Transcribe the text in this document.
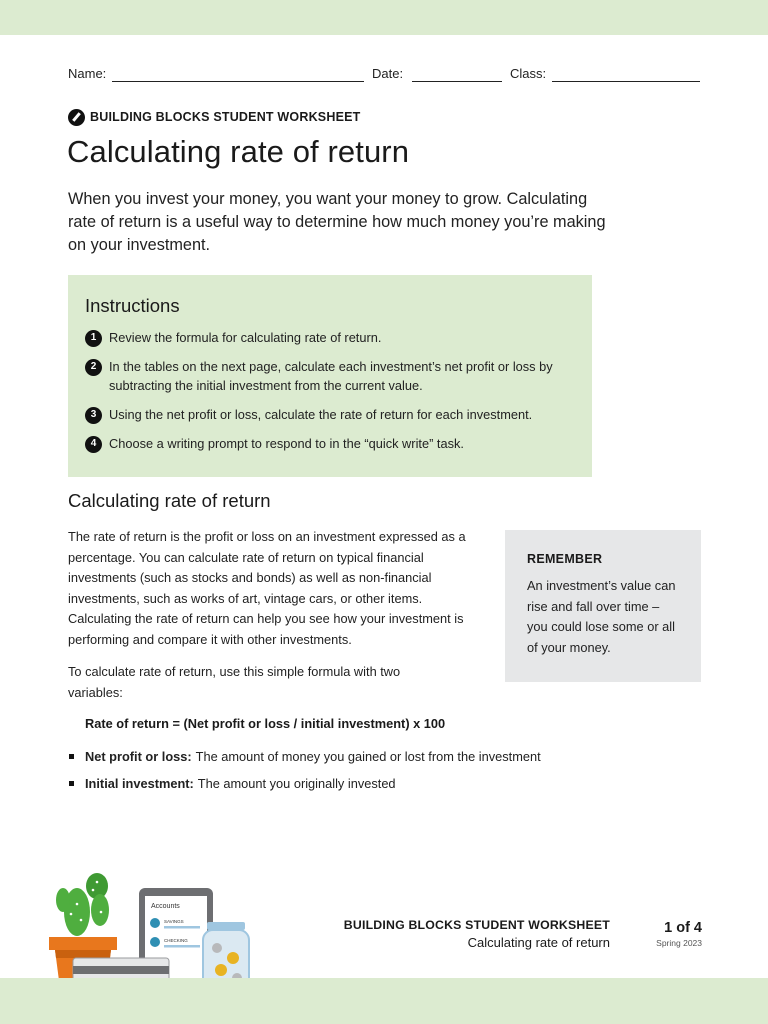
Name:	Date:	Class:
BUILDING BLOCKS STUDENT WORKSHEET
Calculating rate of return

When you invest your money, you want your money to grow. Calculating rate of return is a useful way to determine how much money you’re making on your investment.

Instructions
1 Review the formula for calculating rate of return.
2 In the tables on the next page, calculate each investment’s net profit or loss by subtracting the initial investment from the current value.
3 Using the net profit or loss, calculate the rate of return for each investment.
4 Choose a writing prompt to respond to in the “quick write” task.
Calculating rate of return

The rate of return is the profit or loss on an investment expressed as a percentage. You can calculate rate of return on typical financial investments (such as stocks and bonds) as well as non-financial investments, such as works of art, vintage cars, or other items. Calculating the rate of return can help you see how your investment is performing and compare it with other investments.

To calculate rate of return, use this simple formula with two variables:

Rate of return = (Net profit or loss / initial investment) x 100
Net profit or loss: The amount of money you gained or lost from the investment
Initial investment: The amount you originally invested
REMEMBER
An investment’s value can rise and fall over time – you could lose some or all of your money.
Accounts
SAVINGS
CHECKING
BUILDING BLOCKS STUDENT WORKSHEET
Calculating rate of return
1 of 4
Spring 2023
